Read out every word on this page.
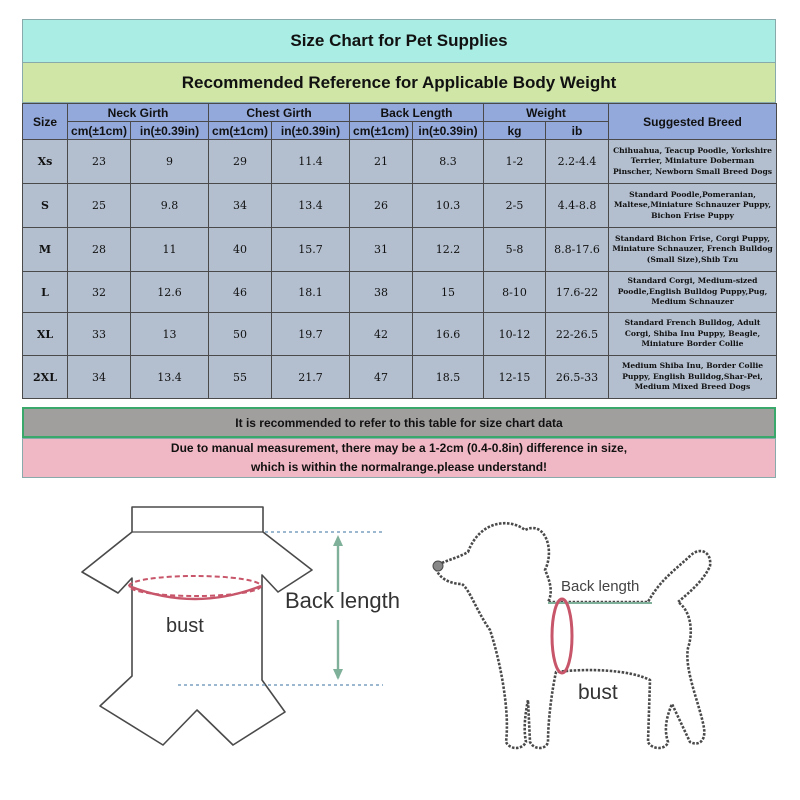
Size Chart for Pet Supplies
Recommended Reference for Applicable Body Weight
Size	Neck Girth		Chest Girth		Back Length		Weight		Suggested Breed
	cm(±1cm)	in(±0.39in)	cm(±1cm)	in(±0.39in)	cm(±1cm)	in(±0.39in)	kg	ib	
Xs	23	9	29	11.4	21	8.3	1-2	2.2-4.4	Chihuahua, Teacup Poodle, Yorkshire Terrier, Miniature Doberman Pinscher, Newborn Small Breed Dogs
S	25	9.8	34	13.4	26	10.3	2-5	4.4-8.8	Standard Poodle,Pomeranian, Maltese,Miniature Schnauzer Puppy, Bichon Frise Puppy
M	28	11	40	15.7	31	12.2	5-8	8.8-17.6	Standard Bichon Frise, Corgi Puppy, Miniature Schnauzer, French Bulldog (Small Size),Shib Tzu
L	32	12.6	46	18.1	38	15	8-10	17.6-22	Standard Corgi, Medium-sized Poodle,English Bulldog Puppy,Pug, Medium Schnauzer
XL	33	13	50	19.7	42	16.6	10-12	22-26.5	Standard French Bulldog, Adult Corgi, Shiba Inu Puppy, Beagle, Miniature Border Collie
2XL	34	13.4	55	21.7	47	18.5	12-15	26.5-33	Medium Shiba Inu, Border Collie Puppy, English Bulldog,Shar-Pei, Medium Mixed Breed Dogs
It is recommended to refer to this table for size chart data
Due to manual measurement, there may be a 1-2cm (0.4-0.8in) difference in size,
which is within the normalrange.please understand!
Back length
bust
Back length
bust
